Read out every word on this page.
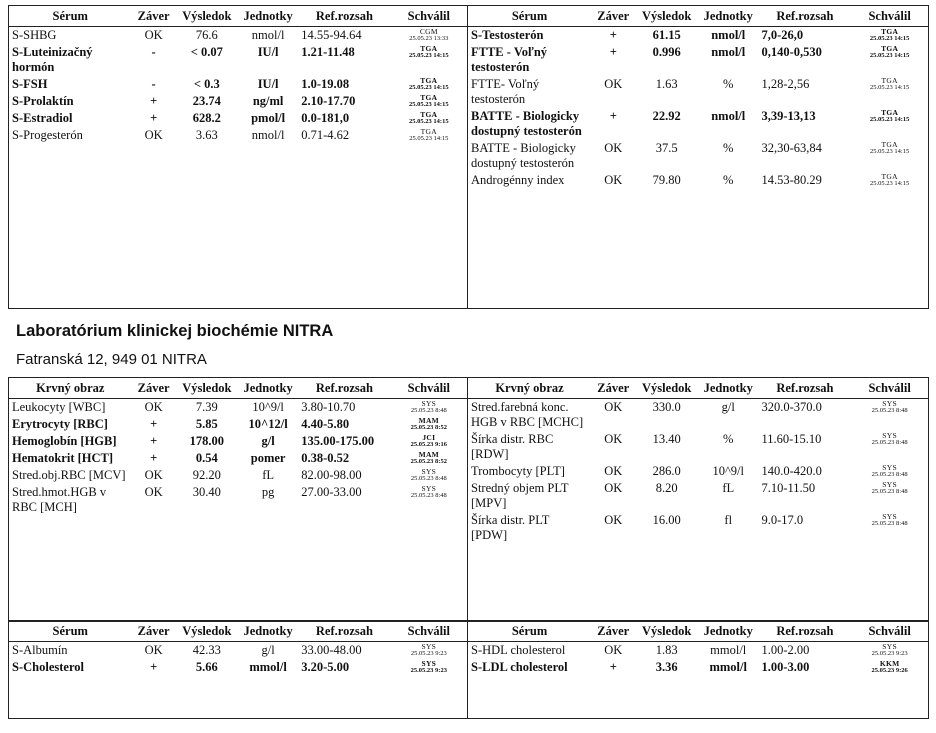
Sérum	Záver	Výsledok	Jednotky	Ref.rozsah	Schválil
S-SHBG	OK	76.6	nmol/l	14.55-94.64	CGM
25.05.23 13:33
S-Luteinizačný hormón	-	< 0.07	IU/l	1.21-11.48	TGA
25.05.23 14:15
S-FSH	-	< 0.3	IU/l	1.0-19.08	TGA
25.05.23 14:15
S-Prolaktín	+	23.74	ng/ml	2.10-17.70	TGA
25.05.23 14:15
S-Estradiol	+	628.2	pmol/l	0.0-181,0	TGA
25.05.23 14:15
S-Progesterón	OK	3.63	nmol/l	0.71-4.62	TGA
25.05.23 14:15
Sérum	Záver	Výsledok	Jednotky	Ref.rozsah	Schválil
S-Testosterón	+	61.15	nmol/l	7,0-26,0	TGA
25.05.23 14:15
FTTE - Voľný testosterón	+	0.996	nmol/l	0,140-0,530	TGA
25.05.23 14:15
FTTE- Voľný testosterón	OK	1.63	%	1,28-2,56	TGA
25.05.23 14:15
BATTE - Biologicky dostupný testosterón	+	22.92	nmol/l	3,39-13,13	TGA
25.05.23 14:15
BATTE - Biologicky dostupný testosterón	OK	37.5	%	32,30-63,84	TGA
25.05.23 14:15
Androgénny index	OK	79.80	%	14.53-80.29	TGA
25.05.23 14:15
Laboratórium klinickej biochémie NITRA
Fatranská 12, 949 01 NITRA
Krvný obraz	Záver	Výsledok	Jednotky	Ref.rozsah	Schválil
Leukocyty [WBC]	OK	7.39	10^9/l	3.80-10.70	SYS
25.05.23 8:48
Erytrocyty [RBC]	+	5.85	10^12/l	4.40-5.80	MAM
25.05.23 8:52
Hemoglobín [HGB]	+	178.00	g/l	135.00-175.00	JCI
25.05.23 9:16
Hematokrit [HCT]	+	0.54	pomer	0.38-0.52	MAM
25.05.23 8:52
Stred.obj.RBC [MCV]	OK	92.20	fL	82.00-98.00	SYS
25.05.23 8:48
Stred.hmot.HGB v RBC [MCH]	OK	30.40	pg	27.00-33.00	SYS
25.05.23 8:48
Krvný obraz	Záver	Výsledok	Jednotky	Ref.rozsah	Schválil
Stred.farebná konc. HGB v RBC [MCHC]	OK	330.0	g/l	320.0-370.0	SYS
25.05.23 8:48
Šírka distr. RBC [RDW]	OK	13.40	%	11.60-15.10	SYS
25.05.23 8:48
Trombocyty [PLT]	OK	286.0	10^9/l	140.0-420.0	SYS
25.05.23 8:48
Stredný objem PLT [MPV]	OK	8.20	fL	7.10-11.50	SYS
25.05.23 8:48
Šírka distr. PLT [PDW]	OK	16.00	fl	9.0-17.0	SYS
25.05.23 8:48
Sérum	Záver	Výsledok	Jednotky	Ref.rozsah	Schválil
S-Albumín	OK	42.33	g/l	33.00-48.00	SYS
25.05.23 9:23
S-Cholesterol	+	5.66	mmol/l	3.20-5.00	SYS
25.05.23 9:23
Sérum	Záver	Výsledok	Jednotky	Ref.rozsah	Schválil
S-HDL cholesterol	OK	1.83	mmol/l	1.00-2.00	SYS
25.05.23 9:23
S-LDL cholesterol	+	3.36	mmol/l	1.00-3.00	KKM
25.05.23 9:26
